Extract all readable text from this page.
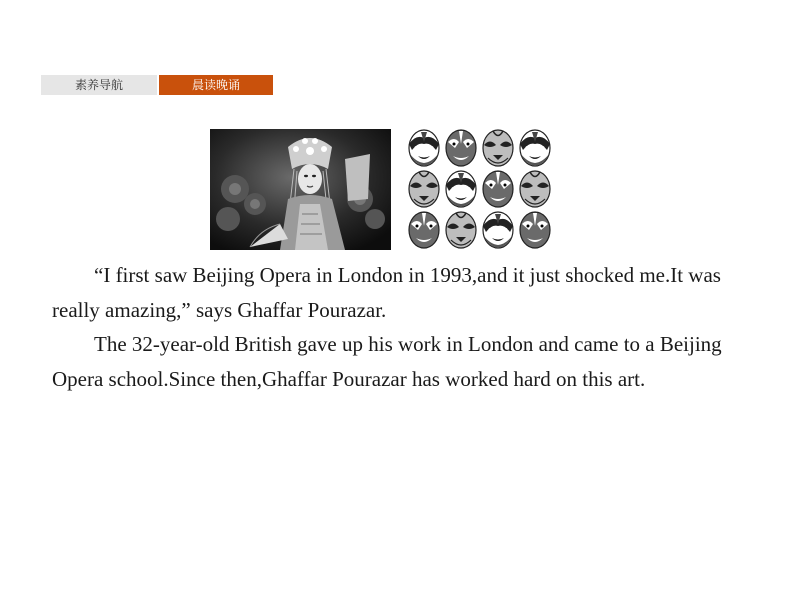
素养导航	晨读晚诵

“I first saw Beijing Opera in London in 1993,and it just shocked me.It was really amazing,” says Ghaffar Pourazar.

The 32-year-old British gave up his work in London and came to a Beijing Opera school.Since then,Ghaffar Pourazar has worked hard on this art.
